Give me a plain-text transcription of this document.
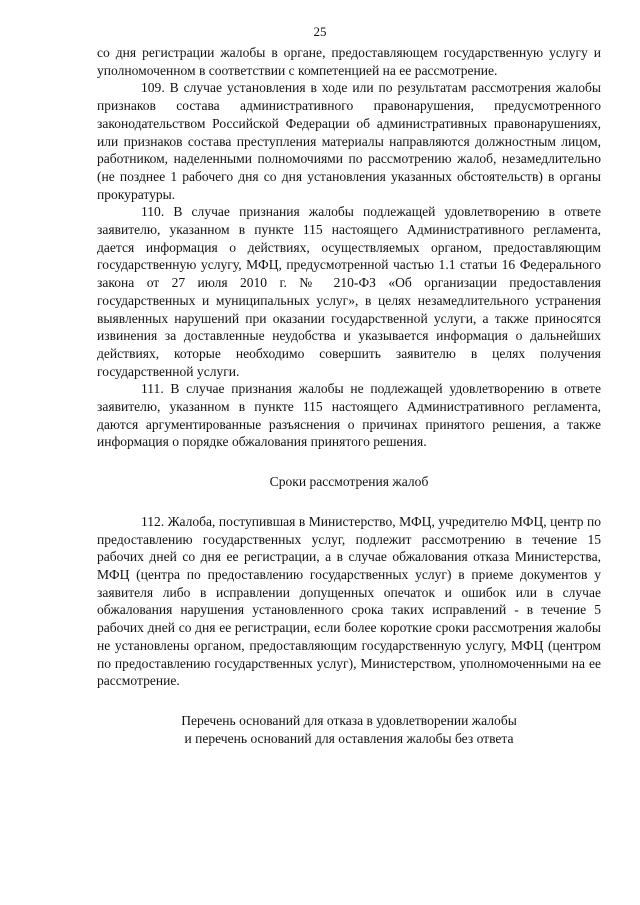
25

со дня регистрации жалобы в органе, предоставляющем государственную услугу и уполномоченном в соответствии с компетенцией на ее рассмотрение.

109. В случае установления в ходе или по результатам рассмотрения жалобы признаков состава административного правонарушения, предусмотренного законодательством Российской Федерации об административных правонарушениях, или признаков состава преступления материалы направляются должностным лицом, работником, наделенными полномочиями по рассмотрению жалоб, незамедлительно (не позднее 1 рабочего дня со дня установления указанных обстоятельств) в органы прокуратуры.

110. В случае признания жалобы подлежащей удовлетворению в ответе заявителю, указанном в пункте 115 настоящего Административного регламента, дается информация о действиях, осуществляемых органом, предоставляющим государственную услугу, МФЦ, предусмотренной частью 1.1 статьи 16 Федерального закона от 27 июля 2010 г. № 210-ФЗ «Об организации предоставления государственных и муниципальных услуг», в целях незамедлительного устранения выявленных нарушений при оказании государственной услуги, а также приносятся извинения за доставленные неудобства и указывается информация о дальнейших действиях, которые необходимо совершить заявителю в целях получения государственной услуги.

111. В случае признания жалобы не подлежащей удовлетворению в ответе заявителю, указанном в пункте 115 настоящего Административного регламента, даются аргументированные разъяснения о причинах принятого решения, а также информация о порядке обжалования принятого решения.

Сроки рассмотрения жалоб

112. Жалоба, поступившая в Министерство, МФЦ, учредителю МФЦ, центр по предоставлению государственных услуг, подлежит рассмотрению в течение 15 рабочих дней со дня ее регистрации, а в случае обжалования отказа Министерства, МФЦ (центра по предоставлению государственных услуг) в приеме документов у заявителя либо в исправлении допущенных опечаток и ошибок или в случае обжалования нарушения установленного срока таких исправлений - в течение 5 рабочих дней со дня ее регистрации, если более короткие сроки рассмотрения жалобы не установлены органом, предоставляющим государственную услугу, МФЦ (центром по предоставлению государственных услуг), Министерством, уполномоченными на ее рассмотрение.

Перечень оснований для отказа в удовлетворении жалобы

и перечень оснований для оставления жалобы без ответа
